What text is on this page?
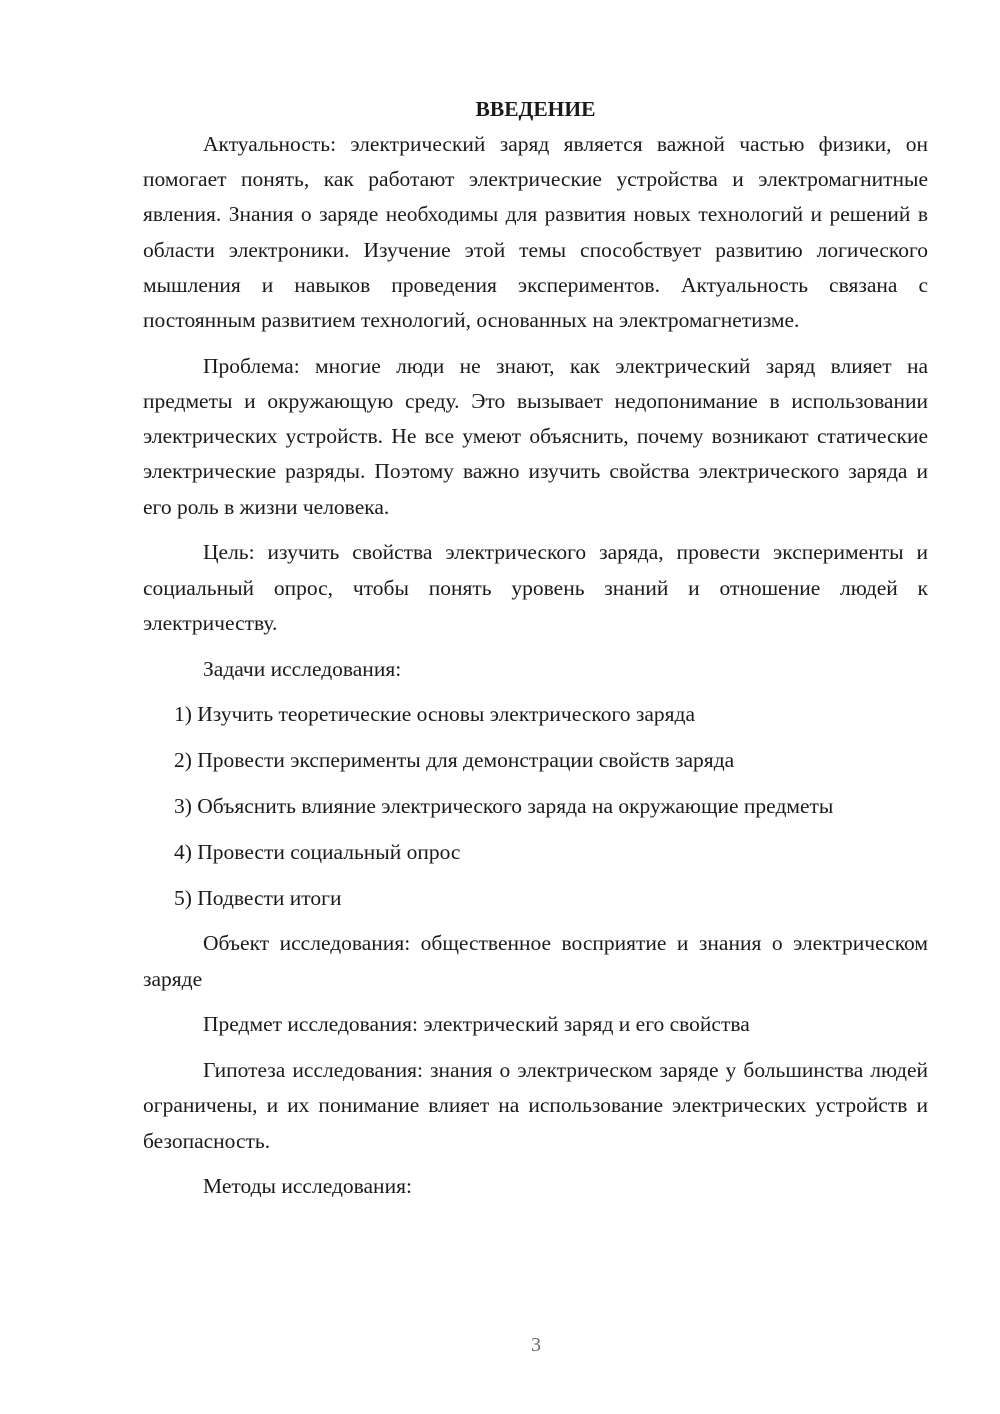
ВВЕДЕНИЕ

Актуальность: электрический заряд является важной частью физики, он помогает понять, как работают электрические устройства и электромагнитные явления. Знания о заряде необходимы для развития новых технологий и решений в области электроники. Изучение этой темы способствует развитию логического мышления и навыков проведения экспериментов. Актуальность связана с постоянным развитием технологий, основанных на электромагнетизме.

Проблема: многие люди не знают, как электрический заряд влияет на предметы и окружающую среду. Это вызывает недопонимание в использовании электрических устройств. Не все умеют объяснить, почему возникают статические электрические разряды. Поэтому важно изучить свойства электрического заряда и его роль в жизни человека.

Цель: изучить свойства электрического заряда, провести эксперименты и социальный опрос, чтобы понять уровень знаний и отношение людей к электричеству.

Задачи исследования:

1) Изучить теоретические основы электрического заряда

2) Провести эксперименты для демонстрации свойств заряда

3) Объяснить влияние электрического заряда на окружающие предметы

4) Провести социальный опрос

5) Подвести итоги

Объект исследования: общественное восприятие и знания о электрическом заряде

Предмет исследования: электрический заряд и его свойства

Гипотеза исследования: знания о электрическом заряде у большинства людей ограничены, и их понимание влияет на использование электрических устройств и безопасность.

Методы исследования:

3
